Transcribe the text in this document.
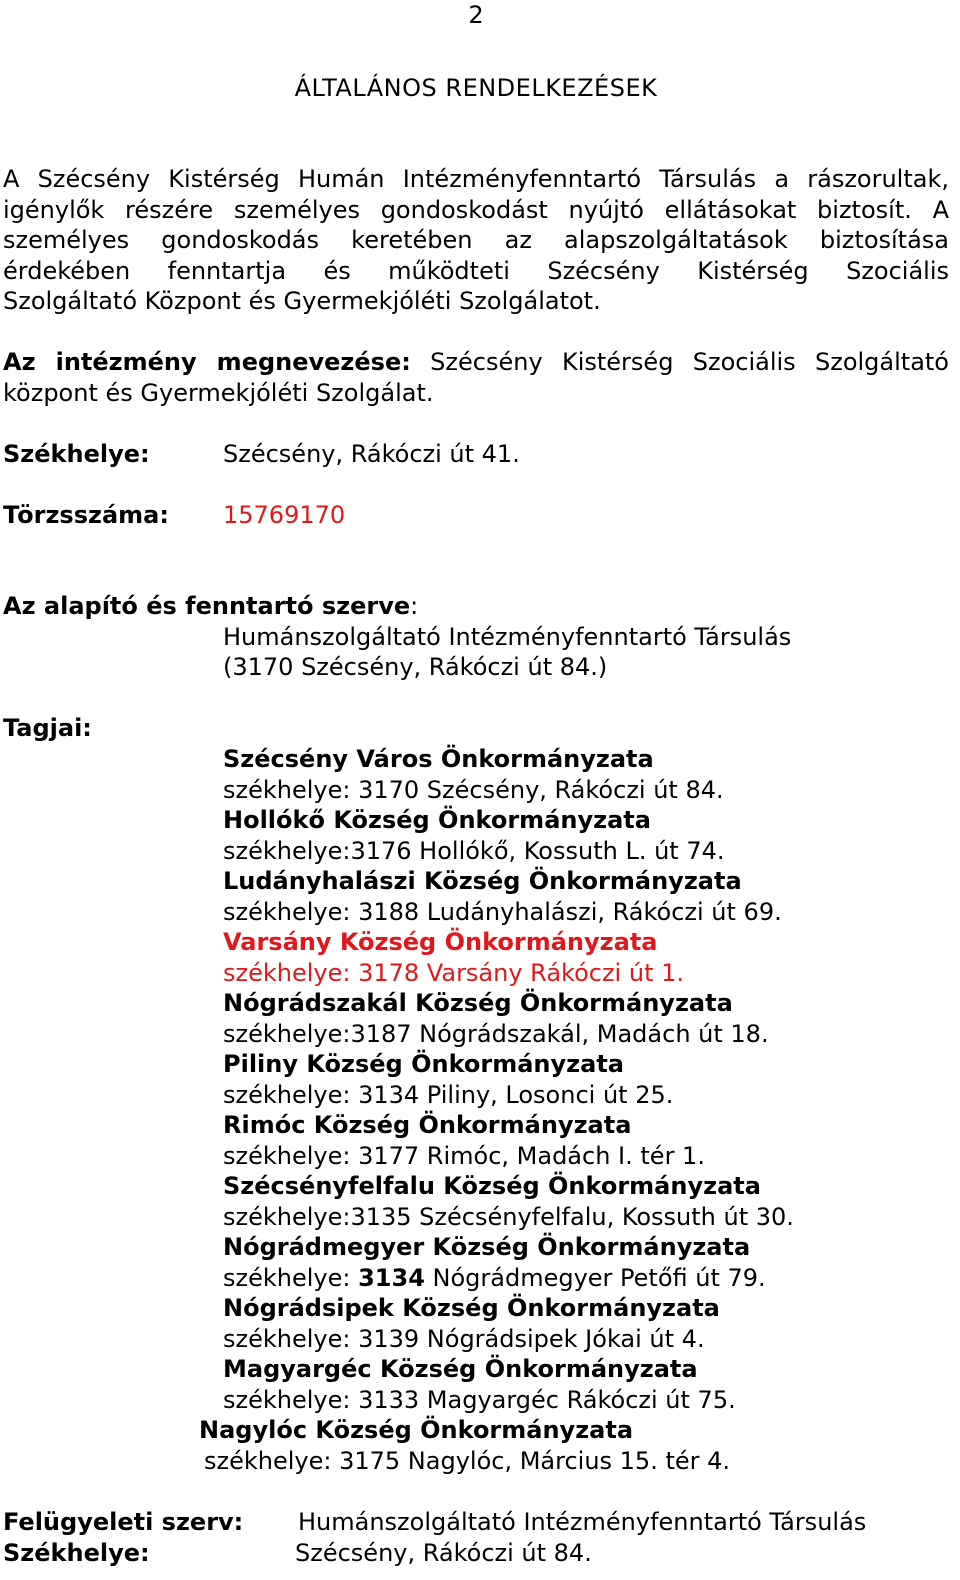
2
ÁLTALÁNOS RENDELKEZÉSEK
A Szécsény Kistérség Humán Intézményfenntartó Társulás a rászorultak,
igénylők részére személyes gondoskodást nyújtó ellátásokat biztosít. A
személyes gondoskodás keretében az alapszolgáltatások biztosítása
érdekében fenntartja és működteti Szécsény Kistérség Szociális
Szolgáltató Központ és Gyermekjóléti Szolgálatot.
Az intézmény megnevezése: Szécsény Kistérség Szociális Szolgáltató
központ és Gyermekjóléti Szolgálat.
Székhelye:	Szécsény, Rákóczi út 41.
Törzsszáma: 15769170
Az alapító és fenntartó szerve:
Humánszolgáltató Intézményfenntartó Társulás
(3170 Szécsény, Rákóczi út 84.)
Tagjai:
Szécsény Város Önkormányzata
székhelye: 3170 Szécsény, Rákóczi út 84.
Hollókő Község Önkormányzata
székhelye:3176 Hollókő, Kossuth L. út 74.
Ludányhalászi Község Önkormányzata
székhelye: 3188 Ludányhalászi, Rákóczi út 69.
Varsány Község Önkormányzata
székhelye: 3178 Varsány Rákóczi út 1.
Nógrádszakál Község Önkormányzata
székhelye:3187 Nógrádszakál, Madách út 18.
Piliny Község Önkormányzata
székhelye: 3134 Piliny, Losonci út 25.
Rimóc Község Önkormányzata
székhelye: 3177 Rimóc, Madách I. tér 1.
Szécsényfelfalu Község Önkormányzata
székhelye:3135 Szécsényfelfalu, Kossuth út 30.
Nógrádmegyer Község Önkormányzata
székhelye: 3134 Nógrádmegyer Petőfi út 79.
Nógrádsipek Község Önkormányzata
székhelye: 3139 Nógrádsipek Jókai út 4.
Magyargéc Község Önkormányzata
székhelye: 3133 Magyargéc Rákóczi út 75.
Nagylóc Község Önkormányzata
székhelye: 3175 Nagylóc, Március 15. tér 4.
Felügyeleti szerv: Humánszolgáltató Intézményfenntartó Társulás
Székhelye:	Szécsény, Rákóczi út 84.
